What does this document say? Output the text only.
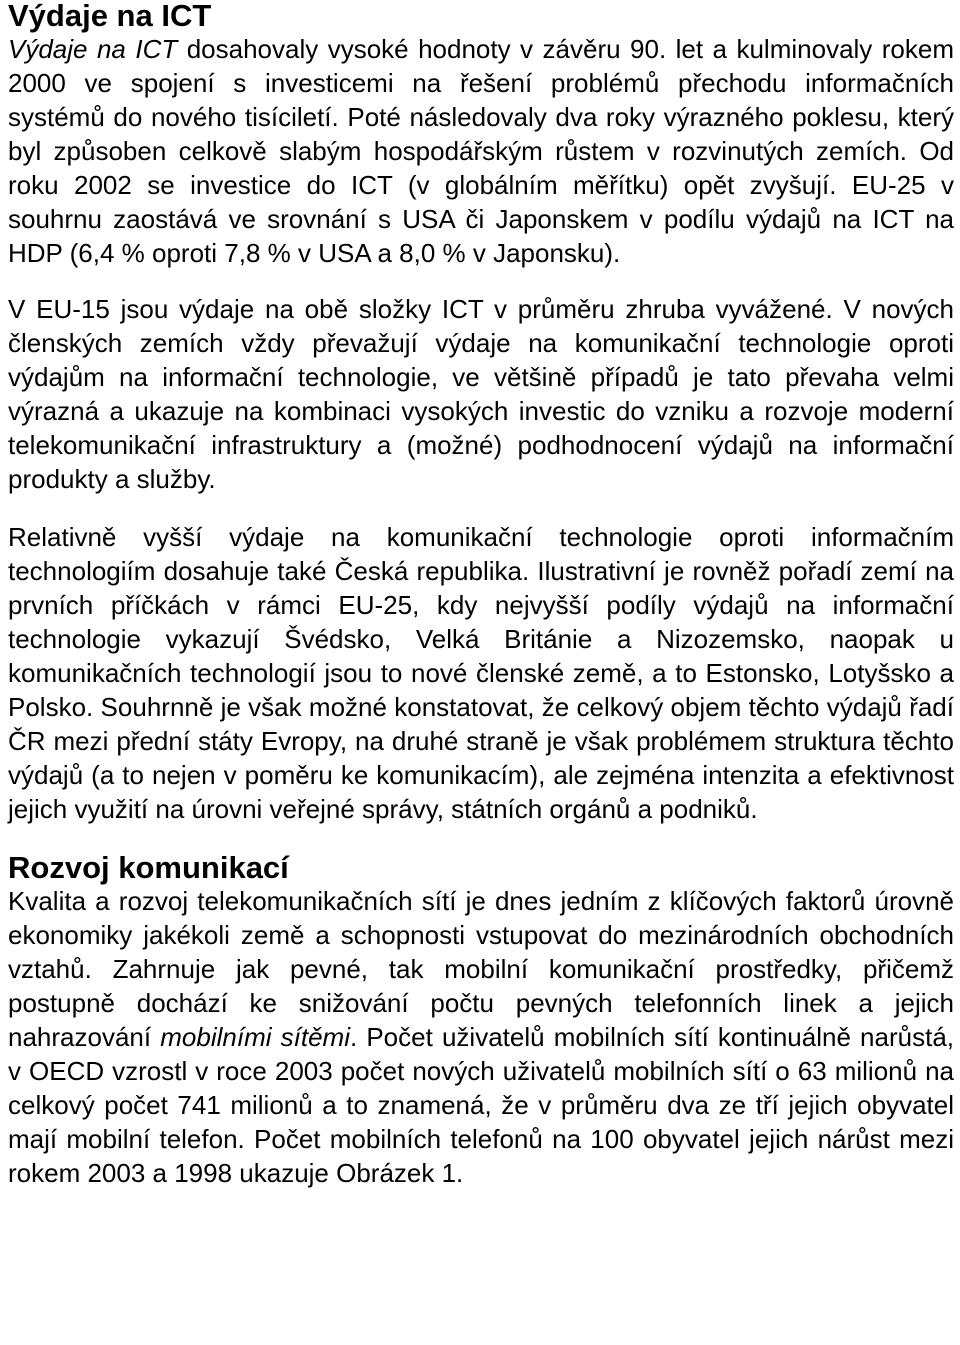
Výdaje na ICT

Výdaje na ICT dosahovaly vysoké hodnoty v závěru 90. let a kulminovaly rokem 2000 ve spojení s investicemi na řešení problémů přechodu informačních systémů do nového tisíciletí. Poté následovaly dva roky výrazného poklesu, který byl způsoben celkově slabým hospodářským růstem v rozvinutých zemích. Od roku 2002 se investice do ICT (v globálním měřítku) opět zvyšují. EU-25 v souhrnu zaostává ve srovnání s USA či Japonskem v podílu výdajů na ICT na HDP (6,4 % oproti 7,8 % v USA a 8,0 % v Japonsku).

V EU-15 jsou výdaje na obě složky ICT v průměru zhruba vyvážené. V nových členských zemích vždy převažují výdaje na komunikační technologie oproti výdajům na informační technologie, ve většině případů je tato převaha velmi výrazná a ukazuje na kombinaci vysokých investic do vzniku a rozvoje moderní telekomunikační infrastruktury a (možné) podhodnocení výdajů na informační produkty a služby.

Relativně vyšší výdaje na komunikační technologie oproti informačním technologiím dosahuje také Česká republika. Ilustrativní je rovněž pořadí zemí na prvních příčkách v rámci EU-25, kdy nejvyšší podíly výdajů na informační technologie vykazují Švédsko, Velká Británie a Nizozemsko, naopak u komunikačních technologií jsou to nové členské země, a to Estonsko, Lotyšsko a Polsko. Souhrnně je však možné konstatovat, že celkový objem těchto výdajů řadí ČR mezi přední státy Evropy, na druhé straně je však problémem struktura těchto výdajů (a to nejen v poměru ke komunikacím), ale zejména intenzita a efektivnost jejich využití na úrovni veřejné správy, státních orgánů a podniků.

Rozvoj komunikací

Kvalita a rozvoj telekomunikačních sítí je dnes jedním z klíčových faktorů úrovně ekonomiky jakékoli země a schopnosti vstupovat do mezinárodních obchodních vztahů. Zahrnuje jak pevné, tak mobilní komunikační prostředky, přičemž postupně dochází ke snižování počtu pevných telefonních linek a jejich nahrazování mobilními sítěmi. Počet uživatelů mobilních sítí kontinuálně narůstá, v OECD vzrostl v roce 2003 počet nových uživatelů mobilních sítí o 63 milionů na celkový počet 741 milionů a to znamená, že v průměru dva ze tří jejich obyvatel mají mobilní telefon. Počet mobilních telefonů na 100 obyvatel jejich nárůst mezi rokem 2003 a 1998 ukazuje Obrázek 1.
